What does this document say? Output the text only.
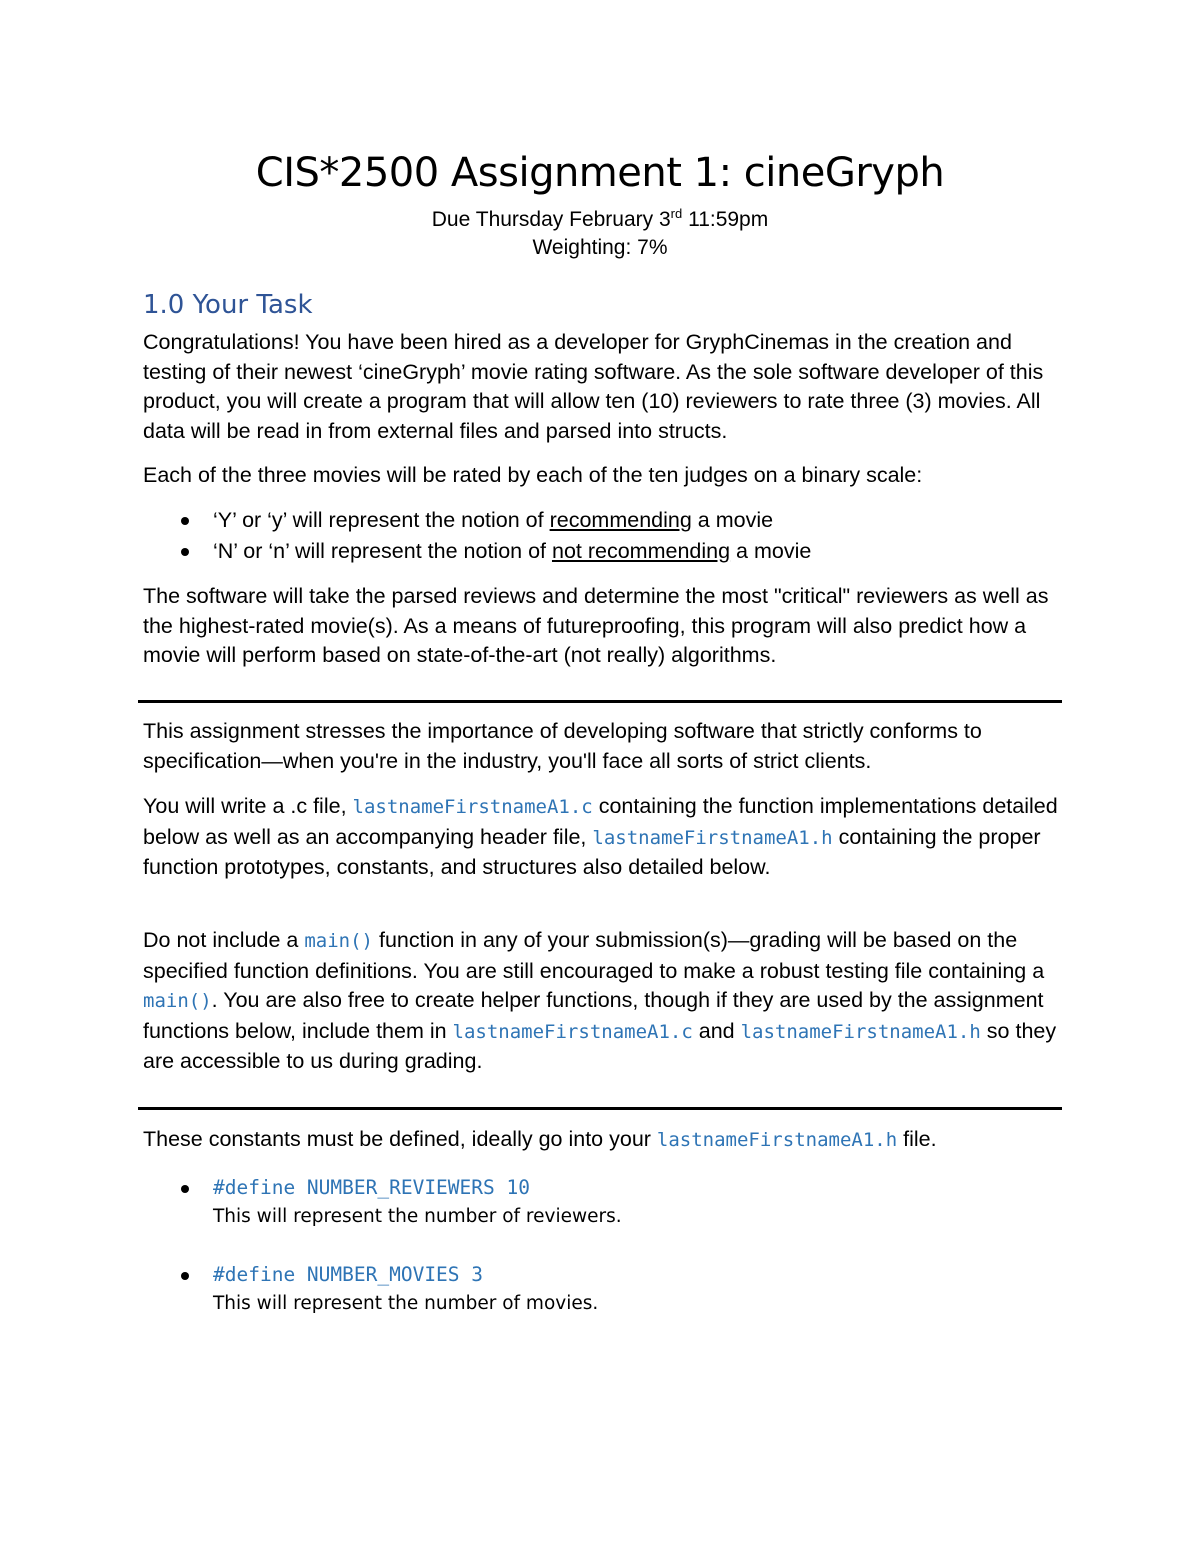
CIS*2500 Assignment 1: cineGryph
Due Thursday February 3rd 11:59pm
Weighting: 7%
1.0 Your Task
Congratulations! You have been hired as a developer for GryphCinemas in the creation and testing of their newest ‘cineGryph’ movie rating software. As the sole software developer of this product, you will create a program that will allow ten (10) reviewers to rate three (3) movies. All data will be read in from external files and parsed into structs.
Each of the three movies will be rated by each of the ten judges on a binary scale:
‘Y’ or ‘y’ will represent the notion of recommending a movie
‘N’ or ‘n’ will represent the notion of not recommending a movie
The software will take the parsed reviews and determine the most "critical" reviewers as well as the highest-rated movie(s). As a means of futureproofing, this program will also predict how a movie will perform based on state-of-the-art (not really) algorithms.
This assignment stresses the importance of developing software that strictly conforms to specification—when you're in the industry, you'll face all sorts of strict clients.
You will write a .c file, lastnameFirstnameA1.c containing the function implementations detailed below as well as an accompanying header file, lastnameFirstnameA1.h containing the proper function prototypes, constants, and structures also detailed below.
Do not include a main() function in any of your submission(s)—grading will be based on the specified function definitions. You are still encouraged to make a robust testing file containing a main(). You are also free to create helper functions, though if they are used by the assignment functions below, include them in lastnameFirstnameA1.c and lastnameFirstnameA1.h so they are accessible to us during grading.
These constants must be defined, ideally go into your lastnameFirstnameA1.h file.
#define NUMBER_REVIEWERS 10
This will represent the number of reviewers.
#define NUMBER_MOVIES 3
This will represent the number of movies.
